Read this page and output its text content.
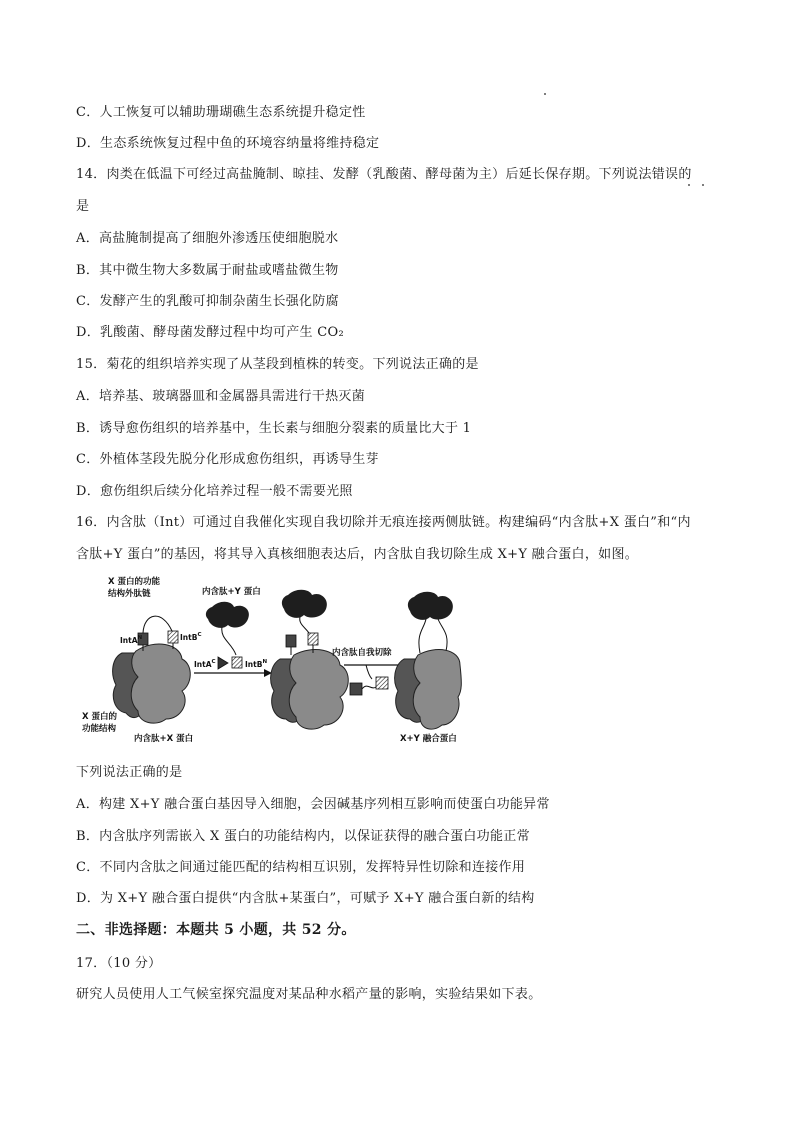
C．人工恢复可以辅助珊瑚礁生态系统提升稳定性
D．生态系统恢复过程中鱼的环境容纳量将维持稳定
14．肉类在低温下可经过高盐腌制、晾挂、发酵（乳酸菌、酵母菌为主）后延长保存期。下列说法错误的
是
A．高盐腌制提高了细胞外渗透压使细胞脱水
B．其中微生物大多数属于耐盐或嗜盐微生物
C．发酵产生的乳酸可抑制杂菌生长强化防腐
D．乳酸菌、酵母菌发酵过程中均可产生 CO₂
15．菊花的组织培养实现了从茎段到植株的转变。下列说法正确的是
A．培养基、玻璃器皿和金属器具需进行干热灭菌
B．诱导愈伤组织的培养基中，生长素与细胞分裂素的质量比大于 1
C．外植体茎段先脱分化形成愈伤组织，再诱导生芽
D．愈伤组织后续分化培养过程一般不需要光照
16．内含肽（Int）可通过自我催化实现自我切除并无痕连接两侧肽链。构建编码“内含肽+X 蛋白”和“内
含肽+Y 蛋白”的基因，将其导入真核细胞表达后，内含肽自我切除生成 X+Y 融合蛋白，如图。
X 蛋白的功能
结构外肽链
IntA$^N$	IntB$^C$
X 蛋白的
功能结构
内含肽+X 蛋白
内含肽+Y 蛋白
IntA$^C$	IntB$^N$
内含肽自我切除
X+Y 融合蛋白
下列说法正确的是
A．构建 X+Y 融合蛋白基因导入细胞，会因碱基序列相互影响而使蛋白功能异常
B．内含肽序列需嵌入 X 蛋白的功能结构内，以保证获得的融合蛋白功能正常
C．不同内含肽之间通过能匹配的结构相互识别，发挥特异性切除和连接作用
D．为 X+Y 融合蛋白提供“内含肽+某蛋白”，可赋予 X+Y 融合蛋白新的结构
二、非选择题：本题共 5 小题，共 52 分。
17．（10 分）
研究人员使用人工气候室探究温度对某品种水稻产量的影响，实验结果如下表。
